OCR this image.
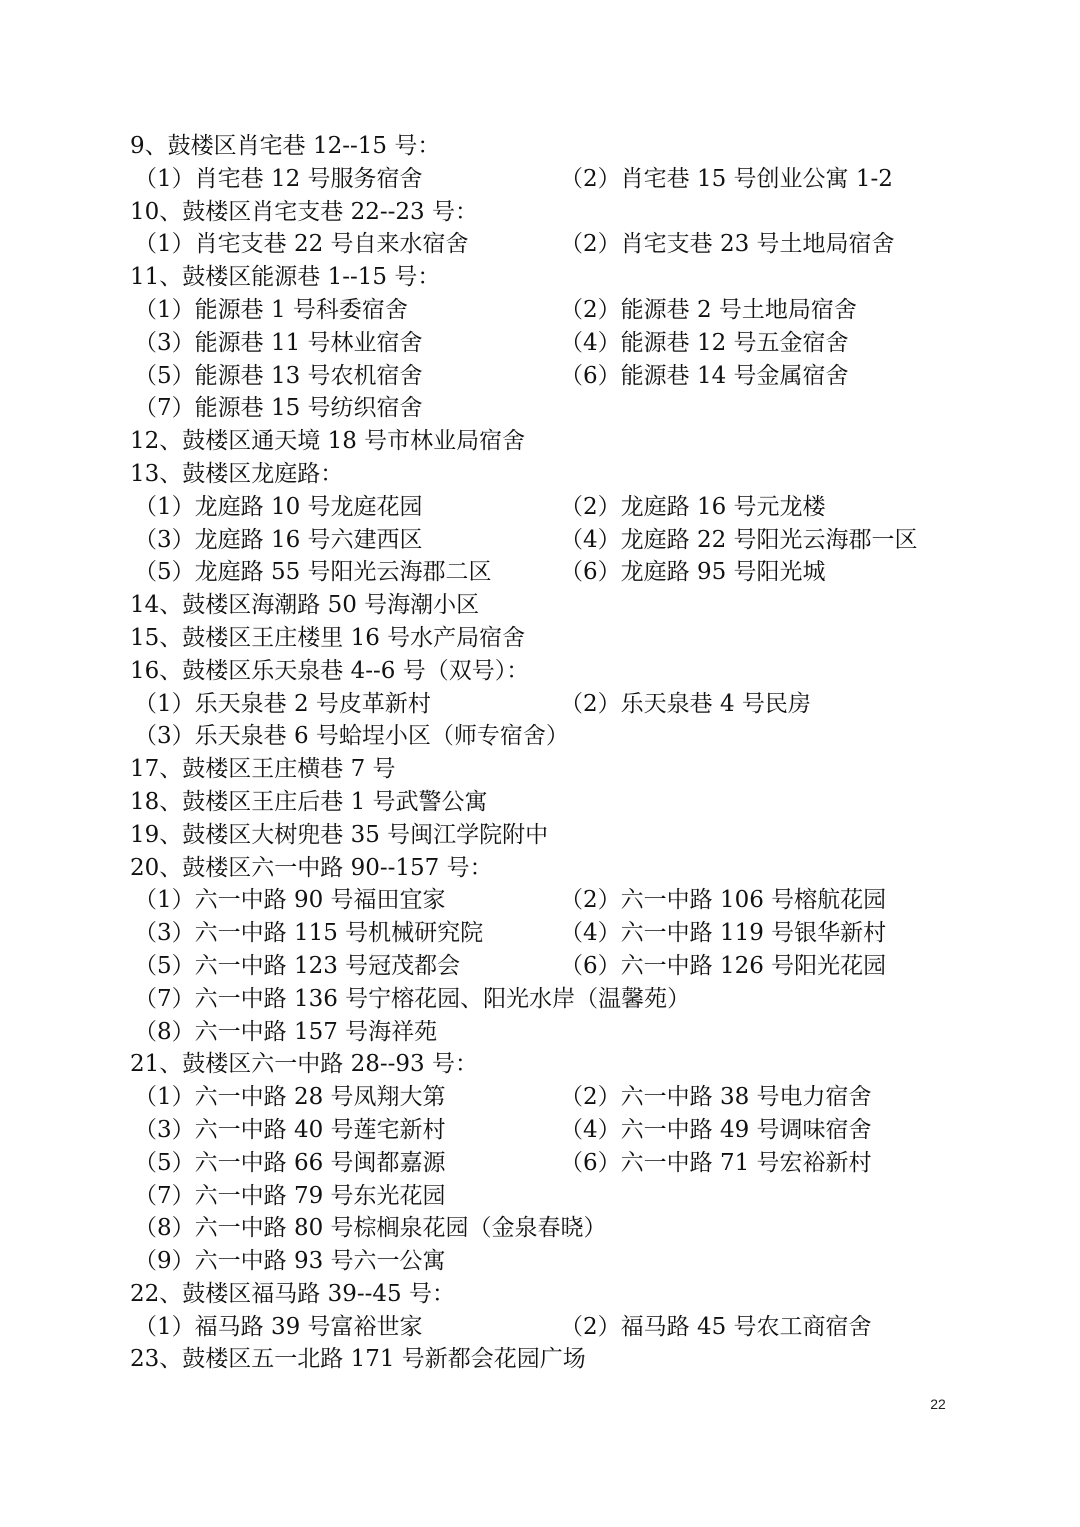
9、鼓楼区肖宅巷 12--15 号：
（1）肖宅巷 12 号服务宿舍	（2）肖宅巷 15 号创业公寓 1-2
10、鼓楼区肖宅支巷 22--23 号：
（1）肖宅支巷 22 号自来水宿舍	（2）肖宅支巷 23 号土地局宿舍
11、鼓楼区能源巷 1--15 号：
（1）能源巷 1 号科委宿舍	（2）能源巷 2 号土地局宿舍
（3）能源巷 11 号林业宿舍	（4）能源巷 12 号五金宿舍
（5）能源巷 13 号农机宿舍	（6）能源巷 14 号金属宿舍
（7）能源巷 15 号纺织宿舍
12、鼓楼区通天境 18 号市林业局宿舍
13、鼓楼区龙庭路：
（1）龙庭路 10 号龙庭花园	（2）龙庭路 16 号元龙楼
（3）龙庭路 16 号六建西区	（4）龙庭路 22 号阳光云海郡一区
（5）龙庭路 55 号阳光云海郡二区	（6）龙庭路 95 号阳光城
14、鼓楼区海潮路 50 号海潮小区
15、鼓楼区王庄楼里 16 号水产局宿舍
16、鼓楼区乐天泉巷 4--6 号（双号）：
（1）乐天泉巷 2 号皮革新村	（2）乐天泉巷 4 号民房
（3）乐天泉巷 6 号蛤埕小区（师专宿舍）
17、鼓楼区王庄横巷 7 号
18、鼓楼区王庄后巷 1 号武警公寓
19、鼓楼区大树兜巷 35 号闽江学院附中
20、鼓楼区六一中路 90--157 号：
（1）六一中路 90 号福田宜家	（2）六一中路 106 号榕航花园
（3）六一中路 115 号机械研究院	（4）六一中路 119 号银华新村
（5）六一中路 123 号冠茂都会	（6）六一中路 126 号阳光花园
（7）六一中路 136 号宁榕花园、阳光水岸（温馨苑）
（8）六一中路 157 号海祥苑
21、鼓楼区六一中路 28--93 号：
（1）六一中路 28 号凤翔大第	（2）六一中路 38 号电力宿舍
（3）六一中路 40 号莲宅新村	（4）六一中路 49 号调味宿舍
（5）六一中路 66 号闽都嘉源	（6）六一中路 71 号宏裕新村
（7）六一中路 79 号东光花园
（8）六一中路 80 号棕榈泉花园（金泉春晓）
（9）六一中路 93 号六一公寓
22、鼓楼区福马路 39--45 号：
（1）福马路 39 号富裕世家	（2）福马路 45 号农工商宿舍
23、鼓楼区五一北路 171 号新都会花园广场
22
